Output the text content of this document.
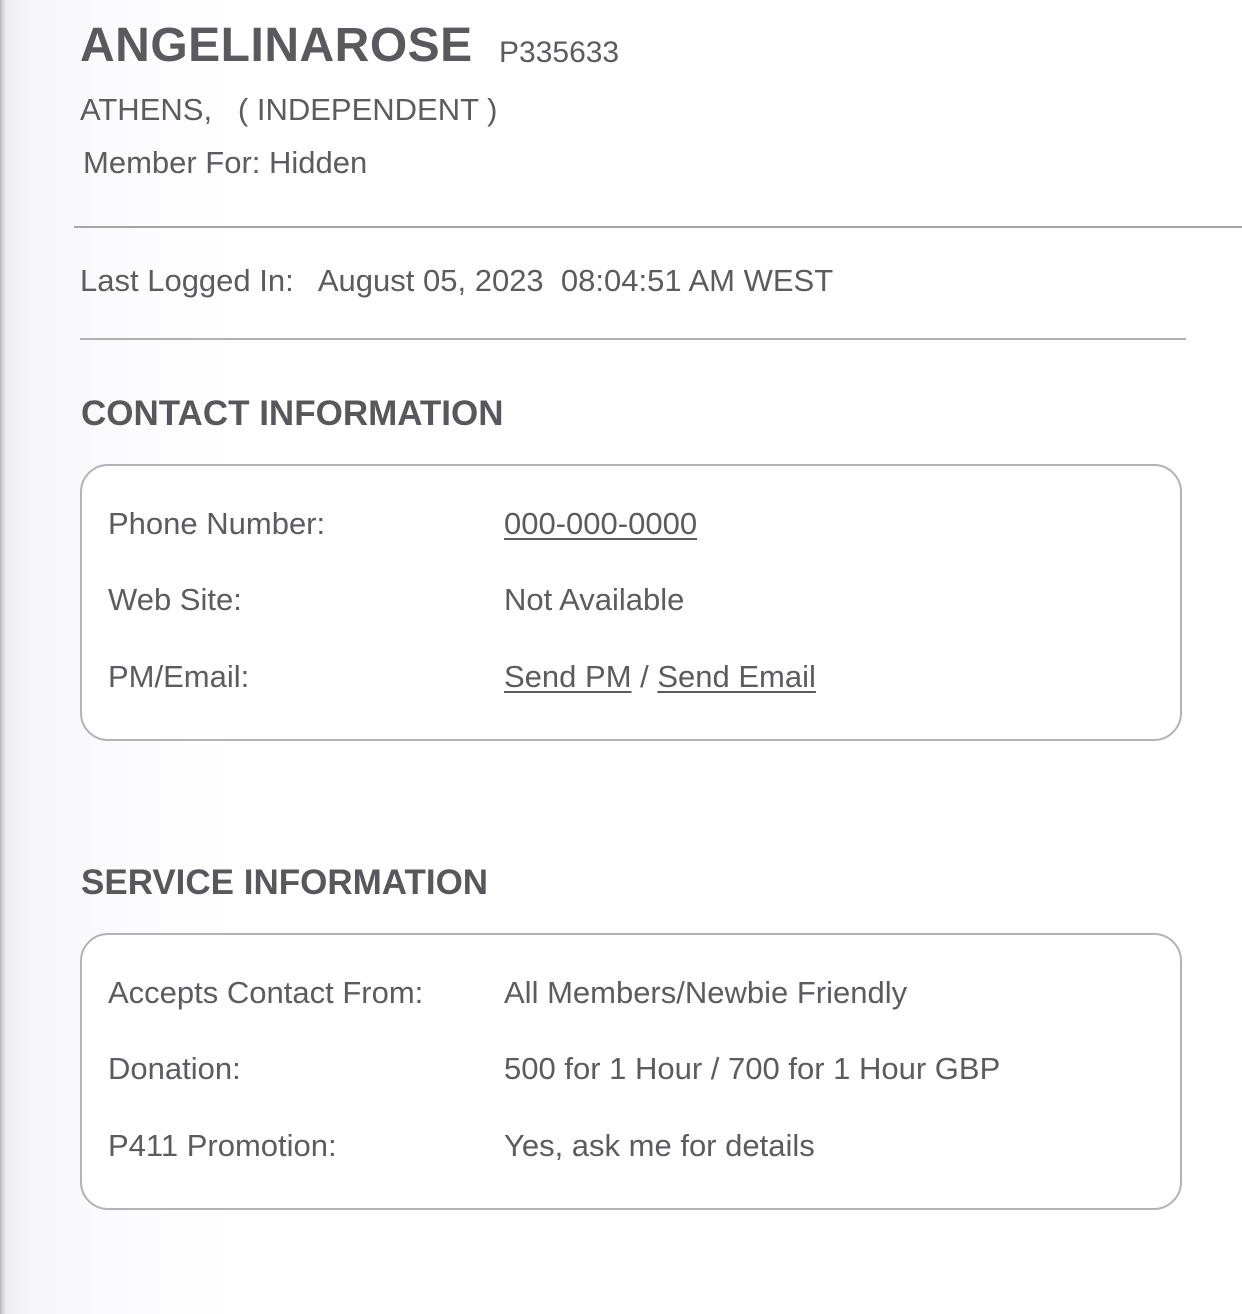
ANGELINAROSE P335633
ATHENS,   ( INDEPENDENT )
Member For: Hidden
Last Logged In: August 05, 2023  08:04:51 AM WEST
CONTACT INFORMATION
Phone Number:	000-000-0000
Web Site:	Not Available
PM/Email:	Send PM / Send Email
SERVICE INFORMATION
Accepts Contact From:	All Members/Newbie Friendly
Donation:	500 for 1 Hour / 700 for 1 Hour GBP
P411 Promotion:	Yes, ask me for details
